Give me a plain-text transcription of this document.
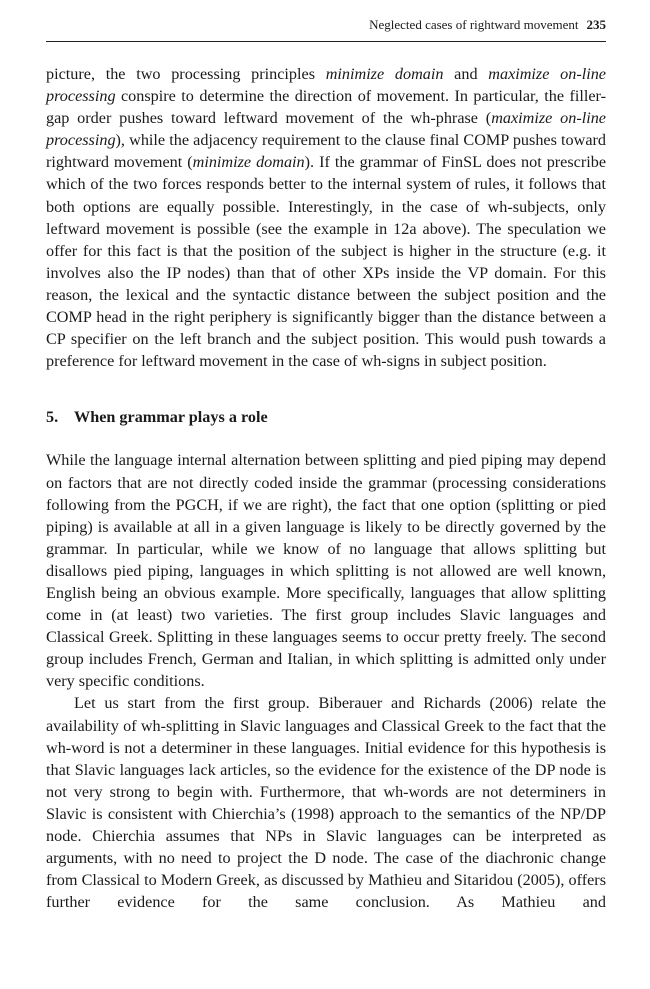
Neglected cases of rightward movement 235

picture, the two processing principles minimize domain and maximize on-line processing conspire to determine the direction of movement. In particular, the filler-gap order pushes toward leftward movement of the wh-phrase (maximize on-line processing), while the adjacency requirement to the clause final COMP pushes toward rightward movement (minimize domain). If the grammar of FinSL does not prescribe which of the two forces responds better to the internal system of rules, it follows that both options are equally possible. Interestingly, in the case of wh-subjects, only leftward movement is possible (see the example in 12a above). The speculation we offer for this fact is that the position of the subject is higher in the structure (e.g. it involves also the IP nodes) than that of other XPs inside the VP domain. For this reason, the lexical and the syntactic distance between the subject position and the COMP head in the right periphery is significantly bigger than the distance between a CP specifier on the left branch and the subject position. This would push towards a preference for leftward movement in the case of wh-signs in subject position.

5. When grammar plays a role

While the language internal alternation between splitting and pied piping may depend on factors that are not directly coded inside the grammar (processing considerations following from the PGCH, if we are right), the fact that one option (splitting or pied piping) is available at all in a given language is likely to be directly governed by the grammar. In particular, while we know of no language that allows splitting but disallows pied piping, languages in which splitting is not allowed are well known, English being an obvious example. More specifically, languages that allow splitting come in (at least) two varieties. The first group includes Slavic languages and Classical Greek. Splitting in these languages seems to occur pretty freely. The second group includes French, German and Italian, in which splitting is admitted only under very specific conditions.

Let us start from the first group. Biberauer and Richards (2006) relate the availability of wh-splitting in Slavic languages and Classical Greek to the fact that the wh-word is not a determiner in these languages. Initial evidence for this hypothesis is that Slavic languages lack articles, so the evidence for the existence of the DP node is not very strong to begin with. Furthermore, that wh-words are not determiners in Slavic is consistent with Chierchia’s (1998) approach to the semantics of the NP/DP node. Chierchia assumes that NPs in Slavic languages can be interpreted as arguments, with no need to project the D node. The case of the diachronic change from Classical to Modern Greek, as discussed by Mathieu and Sitaridou (2005), offers further evidence for the same conclusion. As Mathieu and
